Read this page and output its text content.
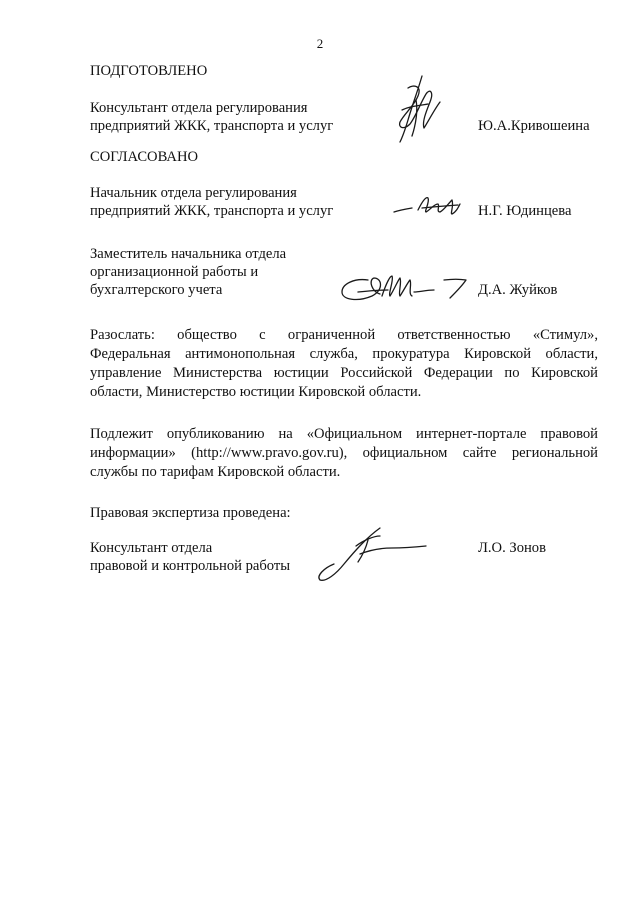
2
ПОДГОТОВЛЕНО
Консультант отдела регулирования
предприятий ЖКК, транспорта и услуг	Ю.А.Кривошеина
СОГЛАСОВАНО
Начальник отдела регулирования
предприятий ЖКК, транспорта и услуг	Н.Г. Юдинцева
Заместитель начальника отдела
организационной работы и
бухгалтерского учета	Д.А. Жуйков
Разослать: общество с ограниченной ответственностью «Стимул»,
Федеральная антимонопольная служба, прокуратура Кировской области,
управление Министерства юстиции Российской Федерации по Кировской
области, Министерство юстиции Кировской области.
Подлежит опубликованию на «Официальном интернет-портале правовой
информации» (http://www.pravo.gov.ru), официальном сайте региональной
службы по тарифам Кировской области.
Правовая экспертиза проведена:
Консультант отдела
правовой и контрольной работы
Л.О. Зонов
